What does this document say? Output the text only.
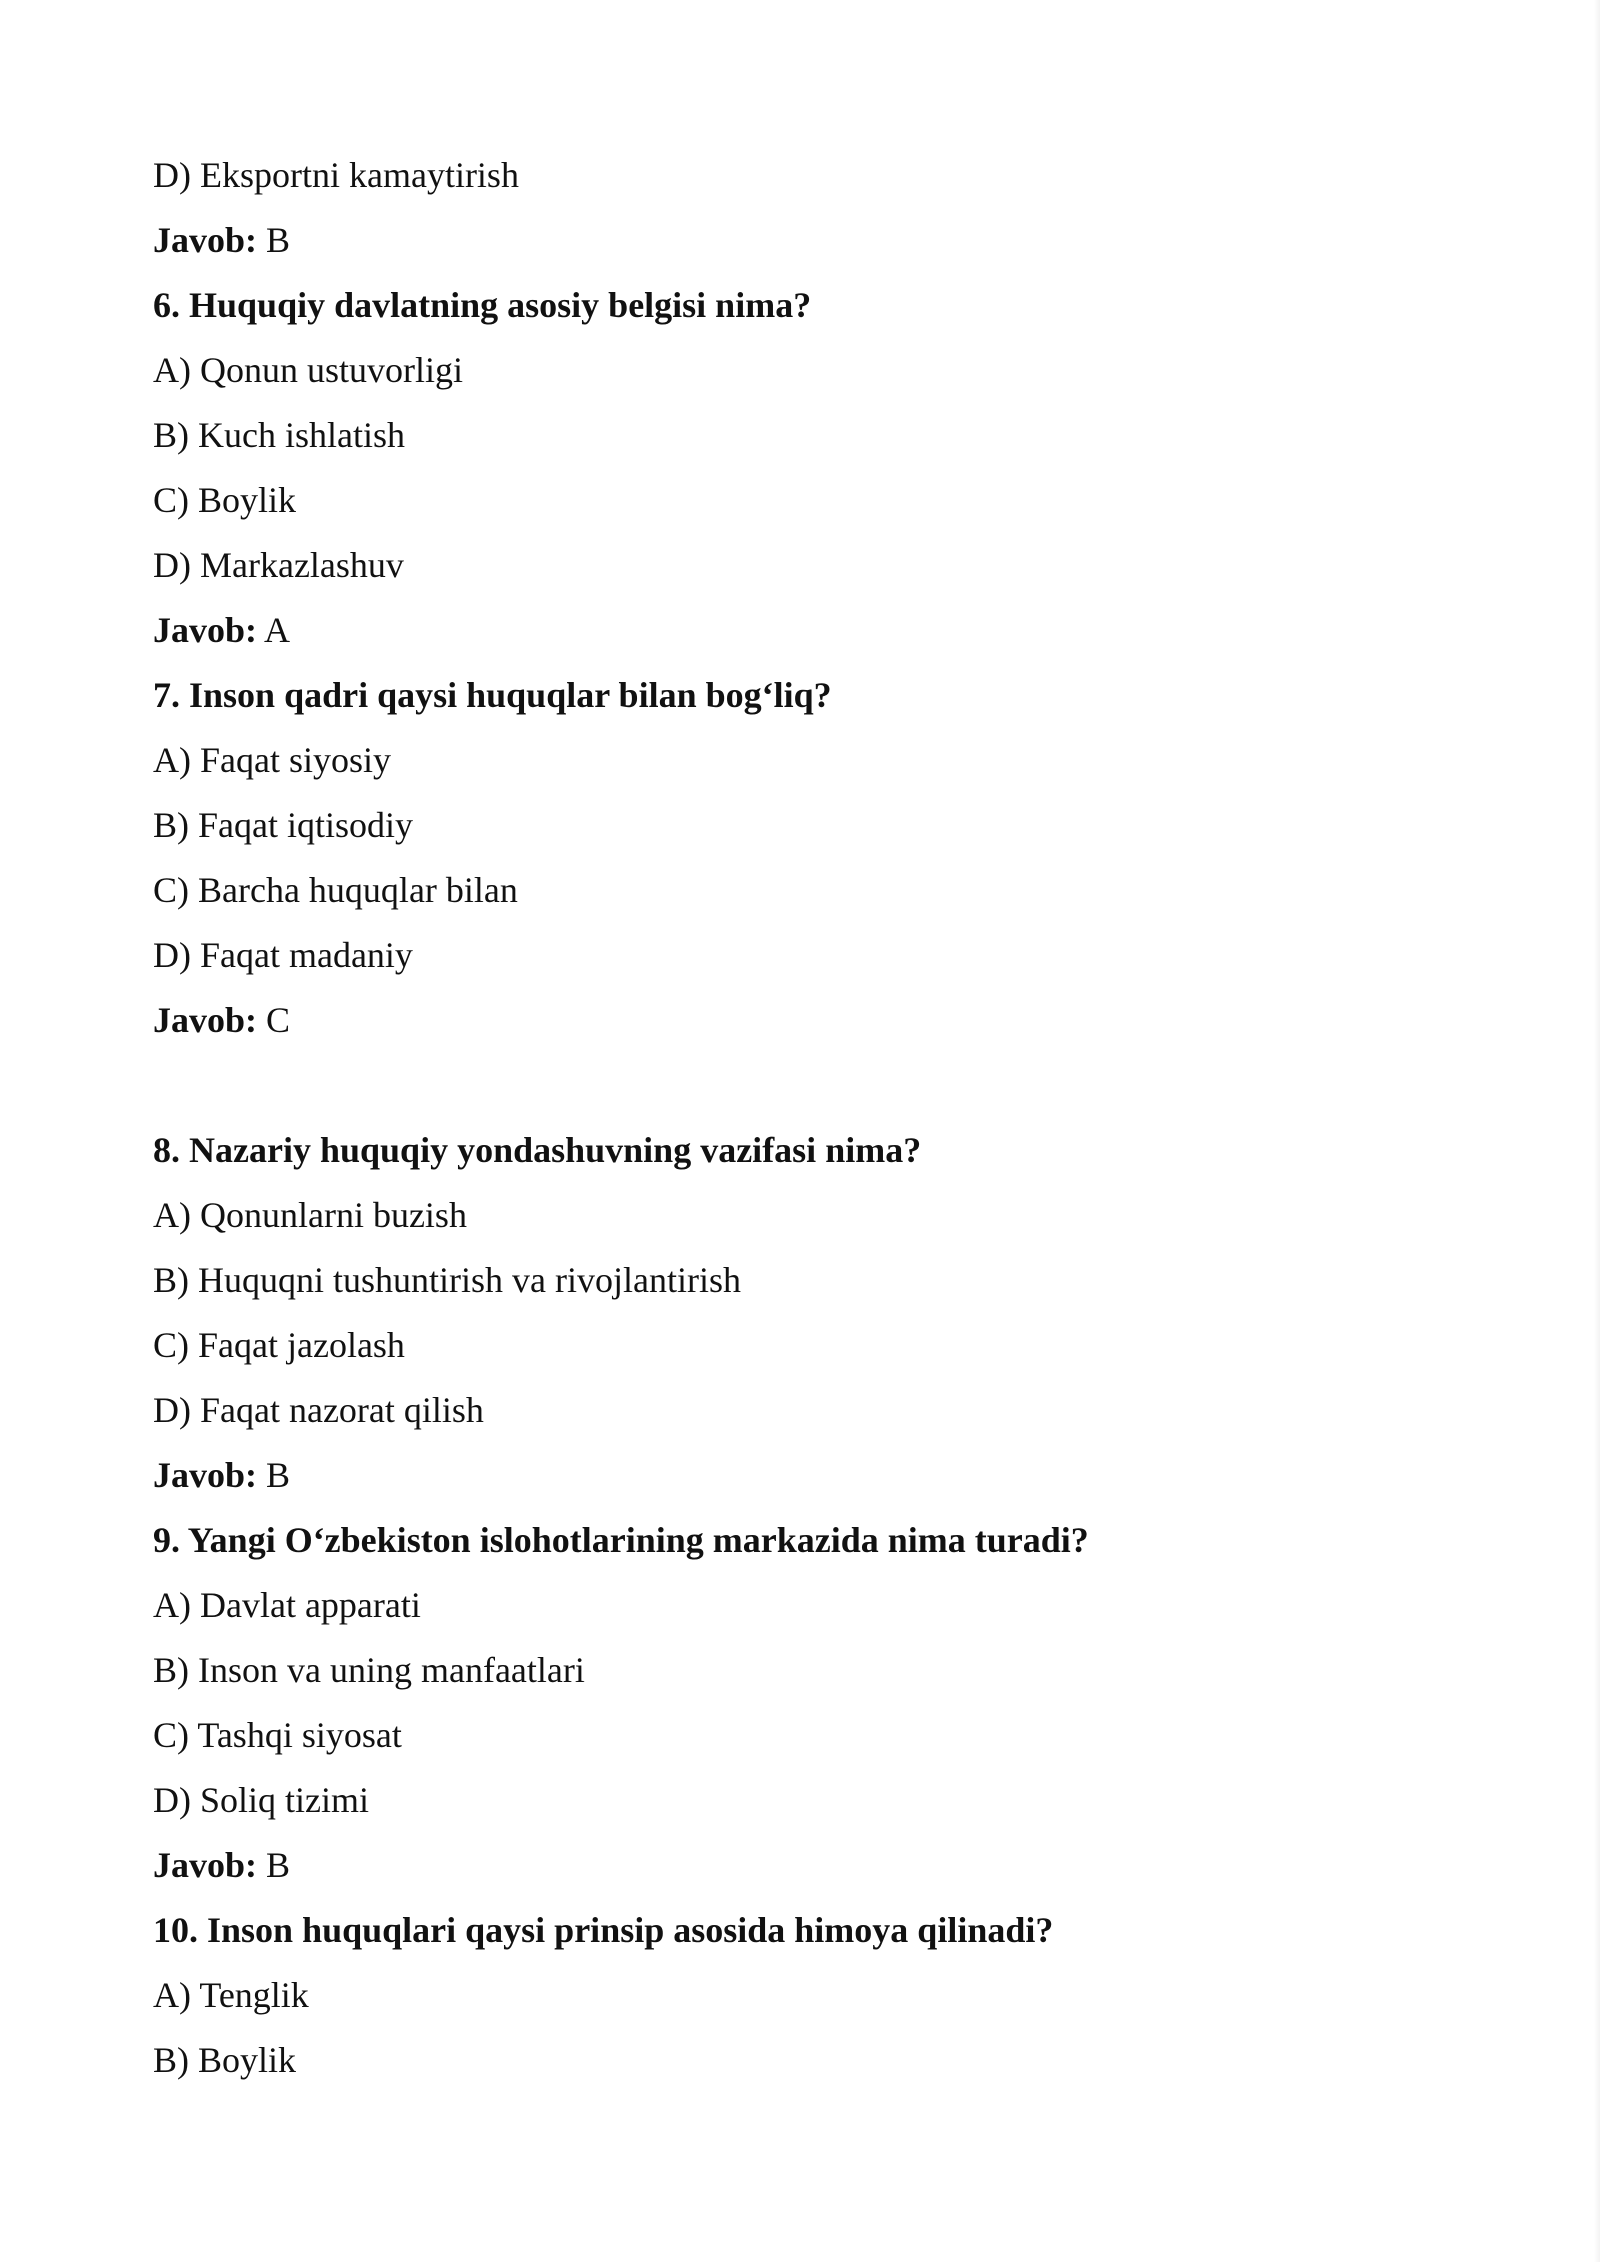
D) Eksportni kamaytirish
Javob: B
6. Huquqiy davlatning asosiy belgisi nima?
A) Qonun ustuvorligi
B) Kuch ishlatish
C) Boylik
D) Markazlashuv
Javob: A
7. Inson qadri qaysi huquqlar bilan bog‘liq?
A) Faqat siyosiy
B) Faqat iqtisodiy
C) Barcha huquqlar bilan
D) Faqat madaniy
Javob: C
8. Nazariy huquqiy yondashuvning vazifasi nima?
A) Qonunlarni buzish
B) Huquqni tushuntirish va rivojlantirish
C) Faqat jazolash
D) Faqat nazorat qilish
Javob: B
9. Yangi O‘zbekiston islohotlarining markazida nima turadi?
A) Davlat apparati
B) Inson va uning manfaatlari
C) Tashqi siyosat
D) Soliq tizimi
Javob: B
10. Inson huquqlari qaysi prinsip asosida himoya qilinadi?
A) Tenglik
B) Boylik
